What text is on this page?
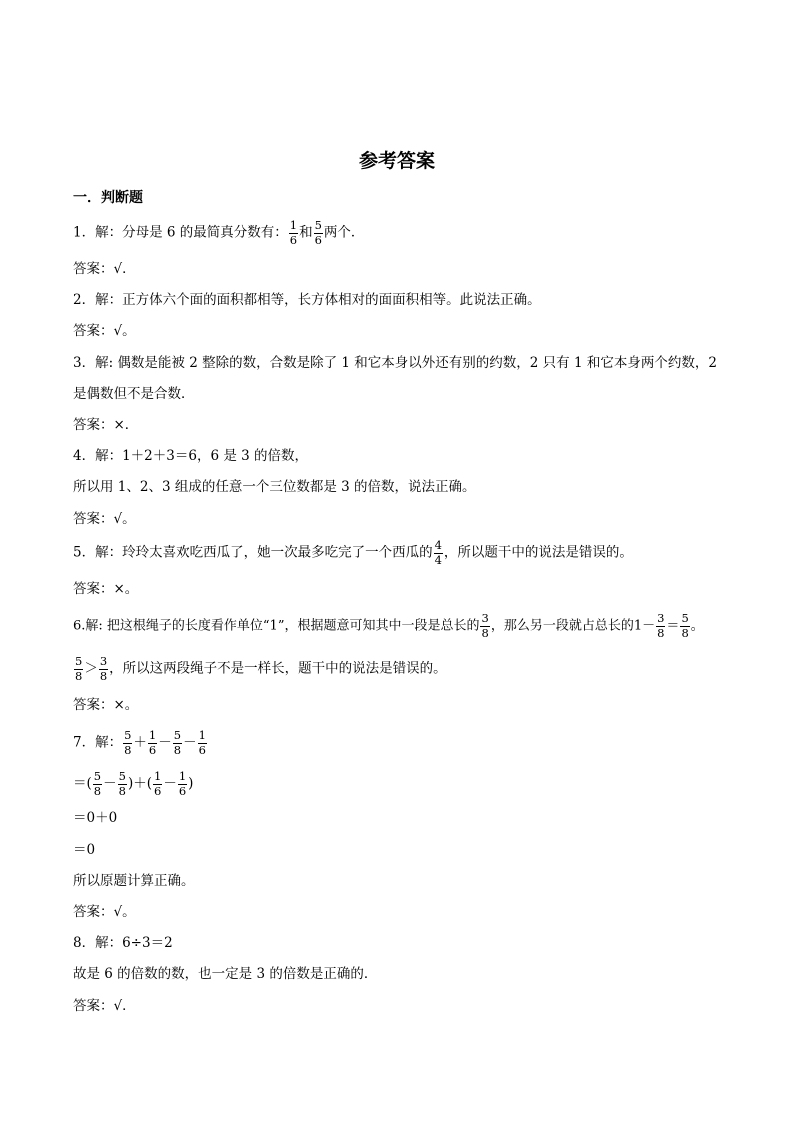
参考答案
一．判断题
1．解：分母是 6 的最简真分数有： $\frac{1}{6}$ 和 $\frac{5}{6}$ 两个．
答案：√．
2．解：正方体六个面的面积都相等，长方体相对的面面积相等。此说法正确。
答案：√。
3．解: 偶数是能被 2 整除的数，合数是除了 1 和它本身以外还有别的约数，2 只有 1 和它本身两个约数，2
是偶数但不是合数．
答案：×．
4．解：1＋2＋3＝6，6 是 3 的倍数，
所以用 1、2、3 组成的任意一个三位数都是 3 的倍数，说法正确。
答案：√。
5．解：玲玲太喜欢吃西瓜了，她一次最多吃完了一个西瓜的 $\frac{4}{4}$ ，所以题干中的说法是错误的。
答案：×。
6.解: 把这根绳子的长度看作单位“1”，根据题意可知其中一段是总长的 $\frac{3}{8}$ ，那么另一段就占总长的$1- \frac{3}{8} = \frac{5}{8}$ 。
$\frac{5}{8} > \frac{3}{8}$ ，所以这两段绳子不是一样长，题干中的说法是错误的。
答案：×。
7．解： $\frac{5}{8} + \frac{1}{6} - \frac{5}{8} - \frac{1}{6}$
＝( $\frac{5}{8} - \frac{5}{8}$ )＋( $\frac{1}{6} - \frac{1}{6}$ )
＝0＋0
＝0
所以原题计算正确。
答案：√。
8．解：6÷3＝2
故是 6 的倍数的数，也一定是 3 的倍数是正确的．
答案：√．
